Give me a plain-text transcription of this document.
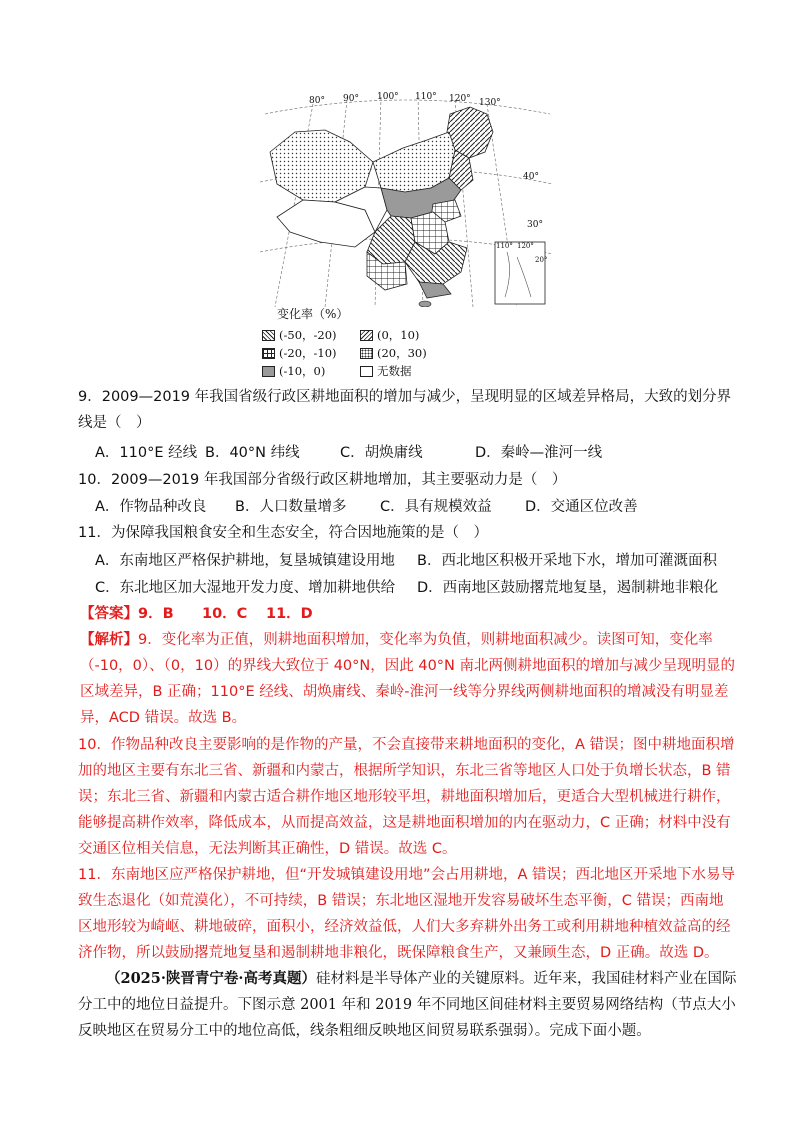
80° 90° 100° 110° 120° 130°
40°
30°
110° 120°
20°
变化率（%）
(-50，-20)	(0，10)
(-20，-10)	(20，30)
(-10，0)	无数据
9．2009—2019 年我国省级行政区耕地面积的增加与减少，呈现明显的区域差异格局，大致的划分界线是（　）
A．110°E 经线 B．40°N 纬线	C．胡焕庸线	D．秦岭—淮河一线
10．2009—2019 年我国部分省级行政区耕地增加，其主要驱动力是（　）
A．作物品种改良	B．人口数量增多	C．具有规模效益	D．交通区位改善
11．为保障我国粮食安全和生态安全，符合因地施策的是（　）
A．东南地区严格保护耕地，复垦城镇建设用地	B．西北地区积极开采地下水，增加可灌溉面积
C．东北地区加大湿地开发力度、增加耕地供给	D．西南地区鼓励撂荒地复垦，遏制耕地非粮化
【答案】 9．B	10．C	11．D
【解析】9．变化率为正值，则耕地面积增加，变化率为负值，则耕地面积减少。读图可知，变化率（-10，0）、（0，10）的界线大致位于 40°N，因此 40°N 南北两侧耕地面积的增加与减少呈现明显的区域差异，B 正确；110°E 经线、胡焕庸线、秦岭-淮河一线等分界线两侧耕地面积的增减没有明显差异，ACD 错误。故选 B。
10．作物品种改良主要影响的是作物的产量，不会直接带来耕地面积的变化，A 错误；图中耕地面积增加的地区主要有东北三省、新疆和内蒙古，根据所学知识，东北三省等地区人口处于负增长状态，B 错误；东北三省、新疆和内蒙古适合耕作地区地形较平坦，耕地面积增加后，更适合大型机械进行耕作，能够提高耕作效率，降低成本，从而提高效益，这是耕地面积增加的内在驱动力，C 正确；材料中没有交通区位相关信息，无法判断其正确性，D 错误。故选 C。
11．东南地区应严格保护耕地，但“开发城镇建设用地”会占用耕地，A 错误；西北地区开采地下水易导致生态退化（如荒漠化），不可持续，B 错误；东北地区湿地开发容易破坏生态平衡，C 错误；西南地区地形较为崎岖、耕地破碎，面积小，经济效益低，人们大多弃耕外出务工或利用耕地种植效益高的经济作物，所以鼓励撂荒地复垦和遏制耕地非粮化，既保障粮食生产，又兼顾生态，D 正确。故选 D。
（2025·陕晋青宁卷·高考真题）硅材料是半导体产业的关键原料。近年来，我国硅材料产业在国际分工中的地位日益提升。下图示意 2001 年和 2019 年不同地区间硅材料主要贸易网络结构（节点大小反映地区在贸易分工中的地位高低，线条粗细反映地区间贸易联系强弱）。完成下面小题。
